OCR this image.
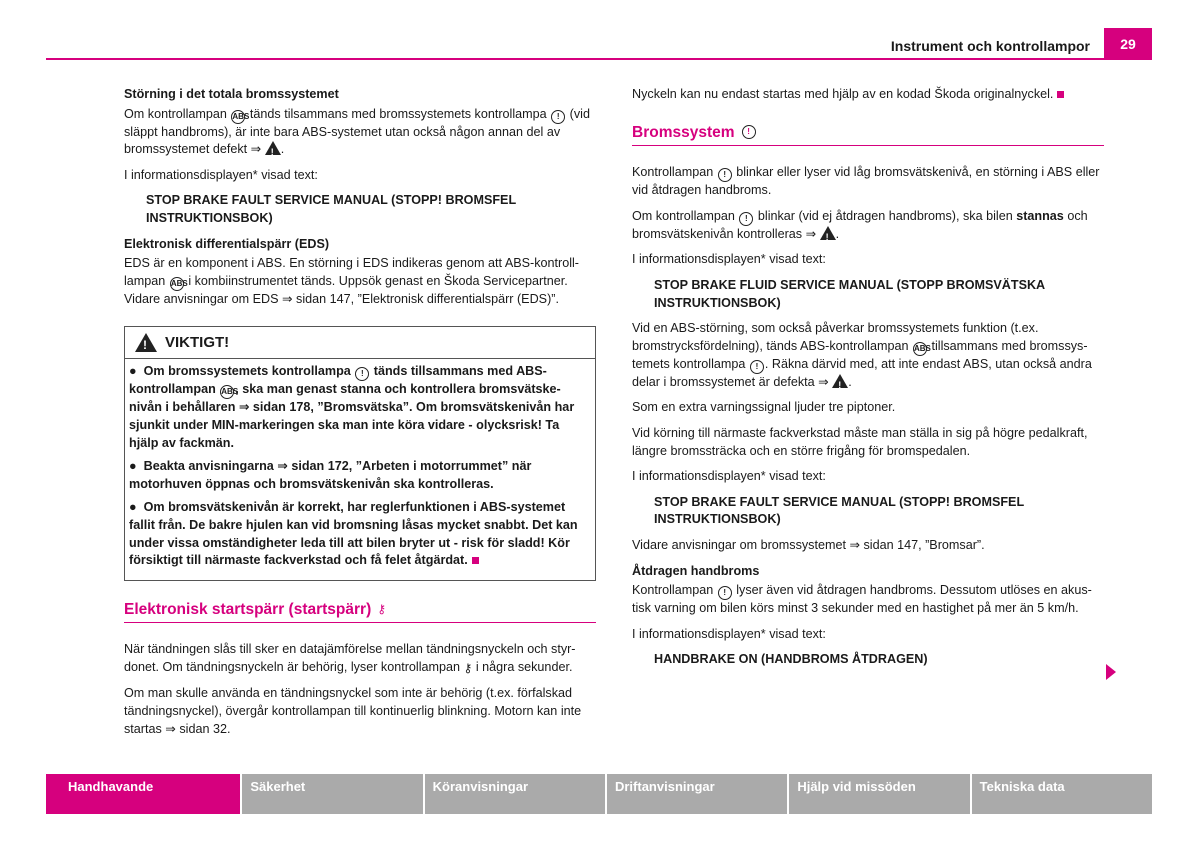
Instrument och kontrollampor	29

Störning i det totala bromssystemet

Om kontrollampan ABS tänds tilsammans med bromssystemets kontrollampa ! (vid släppt handbroms), är inte bara ABS-systemet utan också någon annan del av bromssystemet defekt ⇒ ! .

I informationsdisplayen* visad text:

STOP BRAKE FAULT SERVICE MANUAL (STOPP! BROMSFEL INSTRUKTIONSBOK)

Elektronisk differentialspärr (EDS)

EDS är en komponent i ABS. En störning i EDS indikeras genom att ABS-kontroll-lampan ABS i kombiinstrumentet tänds. Uppsök genast en Škoda Servicepartner. Vidare anvisningar om EDS ⇒ sidan 147, ”Elektronisk differentialspärr (EDS)”.

!
VIKTIGT!

●  Om bromssystemets kontrollampa ! tänds tillsammans med ABS-kontrollampan ABS, ska man genast stanna och kontrollera bromsvätske-nivån i behållaren ⇒ sidan 178, ”Bromsvätska”. Om bromsvätskenivån har sjunkit under MIN-markeringen ska man inte köra vidare - olycksrisk! Ta hjälp av fackmän.

●  Beakta anvisningarna ⇒ sidan 172, ”Arbeten i motorrummet” när motorhuven öppnas och bromsvätskenivån ska kontrolleras.

●  Om bromsvätskenivån är korrekt, har reglerfunktionen i ABS-systemet fallit från. De bakre hjulen kan vid bromsning låsas mycket snabbt. Det kan under vissa omständigheter leda till att bilen bryter ut - risk för sladd! Kör försiktigt till närmaste fackverkstad och få felet åtgärdat.

Elektronisk startspärr (startspärr) ⚷

När tändningen slås till sker en datajämförelse mellan tändningsnyckeln och styr-donet. Om tändningsnyckeln är behörig, lyser kontrollampan ⚷ i några sekunder.

Om man skulle använda en tändningsnyckel som inte är behörig (t.ex. förfalskad tändningsnyckel), övergår kontrollampan till kontinuerlig blinkning. Motorn kan inte startas ⇒ sidan 32.

Nyckeln kan nu endast startas med hjälp av en kodad Škoda originalnyckel.

Bromssystem	!

Kontrollampan ! blinkar eller lyser vid låg bromsvätskenivå, en störning i ABS eller vid åtdragen handbroms.

Om kontrollampan ! blinkar (vid ej åtdragen handbroms), ska bilen stannas och bromsvätskenivån kontrolleras ⇒ ! .

I informationsdisplayen* visad text:

STOP BRAKE FLUID SERVICE MANUAL (STOPP BROMSVÄTSKA INSTRUKTIONSBOK)

Vid en ABS-störning, som också påverkar bromssystemets funktion (t.ex. bromstrycksfördelning), tänds ABS-kontrollampan ABS tillsammans med bromssys-temets kontrollampa ! . Räkna därvid med, att inte endast ABS, utan också andra delar i bromssystemet är defekta ⇒ ! .

Som en extra varningssignal ljuder tre piptoner.

Vid körning till närmaste fackverkstad måste man ställa in sig på högre pedalkraft, längre bromssträcka och en större frigång för bromspedalen.

I informationsdisplayen* visad text:

STOP BRAKE FAULT SERVICE MANUAL (STOPP! BROMSFEL INSTRUKTIONSBOK)

Vidare anvisningar om bromssystemet ⇒ sidan 147, ”Bromsar”.

Åtdragen handbroms

Kontrollampan ! lyser även vid åtdragen handbroms. Dessutom utlöses en akus-tisk varning om bilen körs minst 3 sekunder med en hastighet på mer än 5 km/h.

I informationsdisplayen* visad text:

HANDBRAKE ON (HANDBROMS ÅTDRAGEN)

Handhavande	Säkerhet	Köranvisningar	Driftanvisningar	Hjälp vid missöden	Tekniska data
